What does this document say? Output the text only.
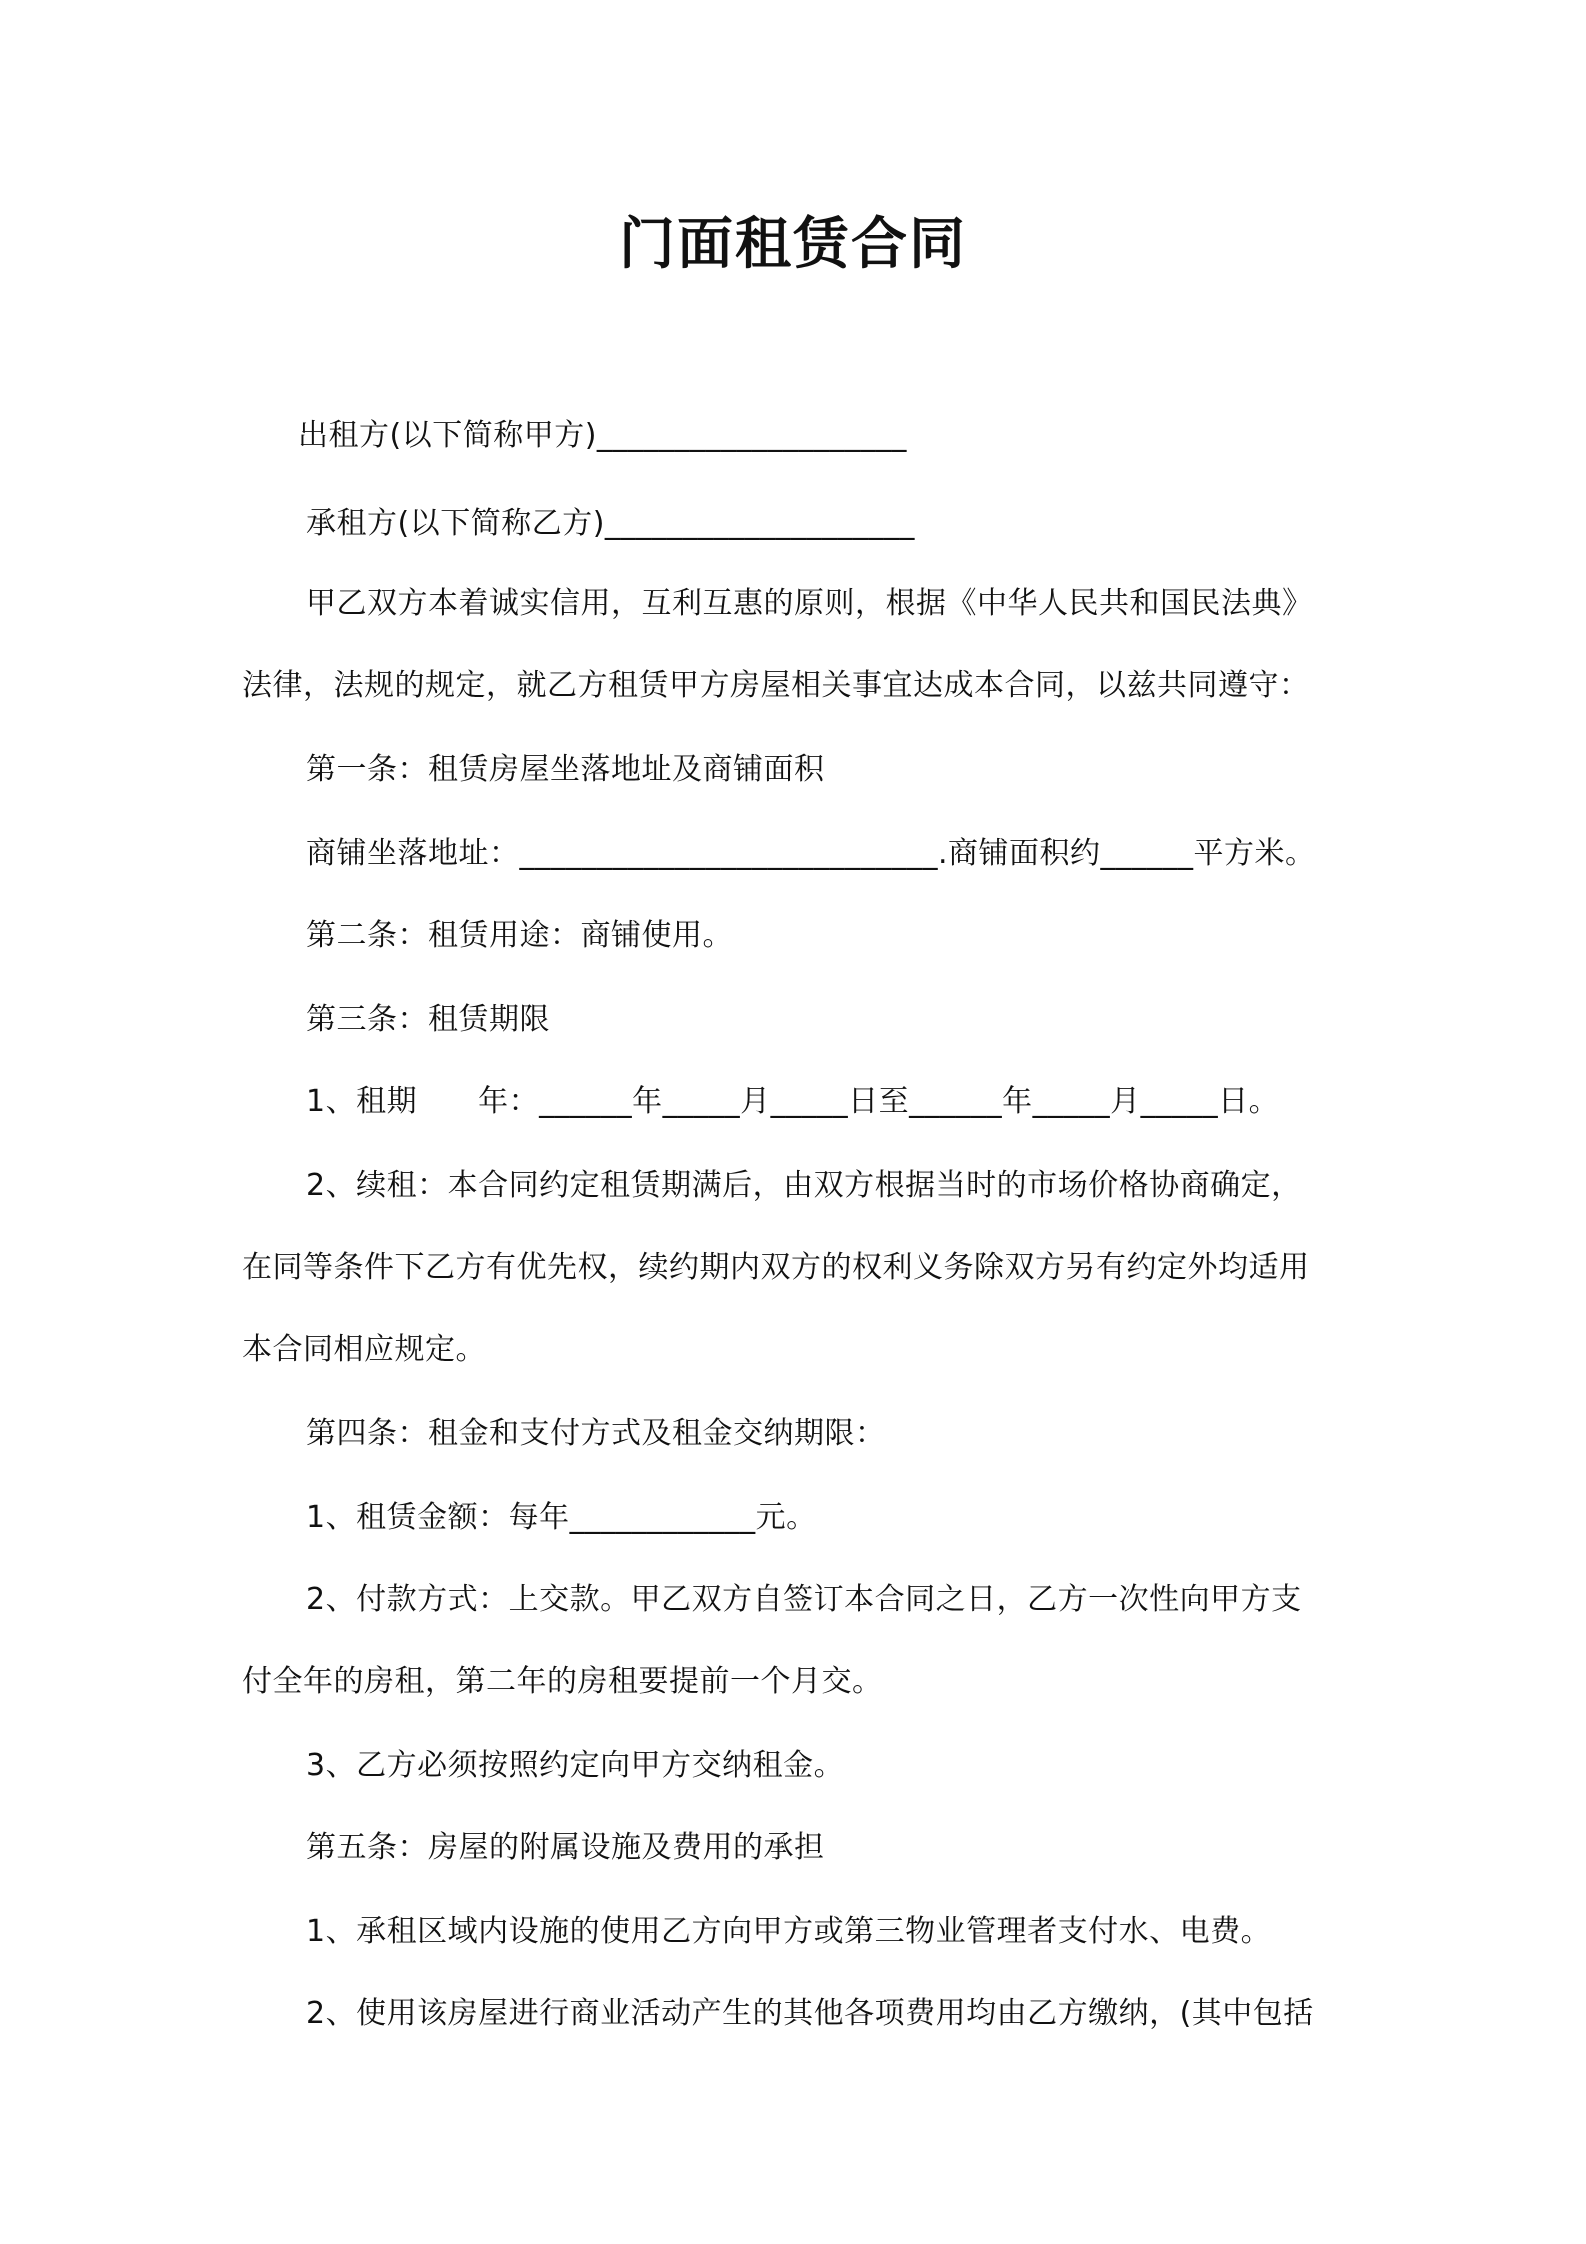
门面租赁合同
出租方(以下简称甲方)____________________
承租方(以下简称乙方)____________________
甲乙双方本着诚实信用，互利互惠的原则，根据《中华人民共和国民法典》
法律，法规的规定，就乙方租赁甲方房屋相关事宜达成本合同，以兹共同遵守：
第一条：租赁房屋坐落地址及商铺面积
商铺坐落地址：___________________________.商铺面积约______平方米。
第二条：租赁用途：商铺使用。
第三条：租赁期限
1、租期　　年：______年_____月_____日至______年_____月_____日。
2、续租：本合同约定租赁期满后，由双方根据当时的市场价格协商确定，
在同等条件下乙方有优先权，续约期内双方的权利义务除双方另有约定外均适用
本合同相应规定。
第四条：租金和支付方式及租金交纳期限：
1、租赁金额：每年____________元。
2、付款方式：上交款。甲乙双方自签订本合同之日，乙方一次性向甲方支
付全年的房租，第二年的房租要提前一个月交。
3、乙方必须按照约定向甲方交纳租金。
第五条：房屋的附属设施及费用的承担
1、承租区域内设施的使用乙方向甲方或第三物业管理者支付水、电费。
2、使用该房屋进行商业活动产生的其他各项费用均由乙方缴纳，(其中包括
